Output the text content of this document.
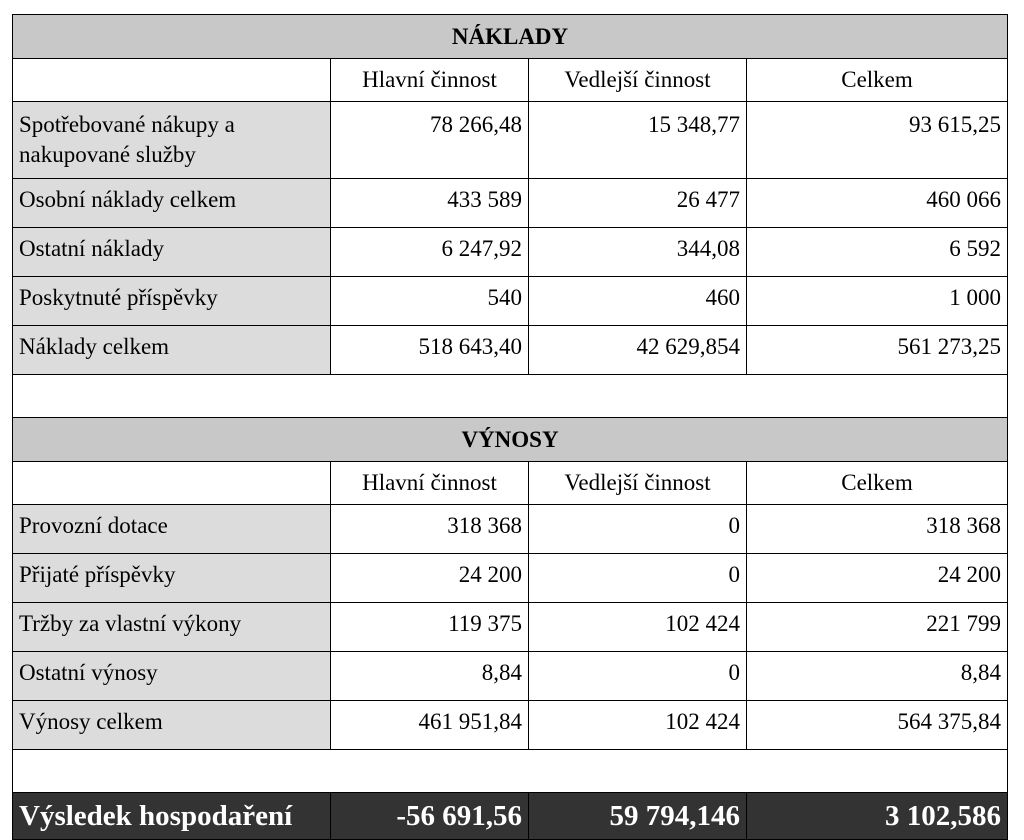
NÁKLADY			
	Hlavní činnost	Vedlejší činnost	Celkem
Spotřebované nákupy a nakupované služby	78 266,48	15 348,77	93 615,25
Osobní náklady celkem	433 589	26 477	460 066
Ostatní náklady	6 247,92	344,08	6 592
Poskytnuté příspěvky	540	460	1 000
Náklady celkem	518 643,40	42 629,854	561 273,25

VÝNOSY			
	Hlavní činnost	Vedlejší činnost	Celkem
Provozní dotace	318 368	0	318 368
Přijaté příspěvky	24 200	0	24 200
Tržby za vlastní výkony	119 375	102 424	221 799
Ostatní výnosy	8,84	0	8,84
Výnosy celkem	461 951,84	102 424	564 375,84

Výsledek hospodaření	-56 691,56	59 794,146	3 102,586
